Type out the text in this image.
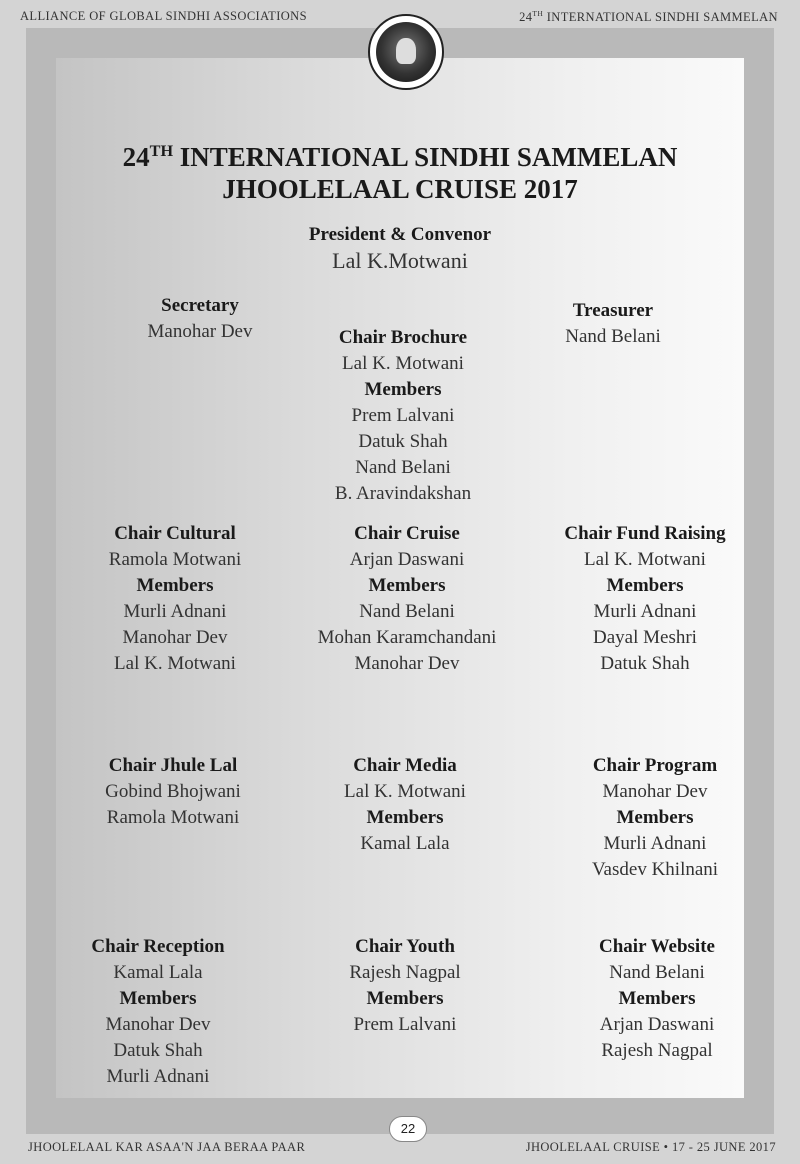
ALLIANCE OF GLOBAL SINDHI ASSOCIATIONS	24TH INTERNATIONAL SINDHI SAMMELAN
24TH INTERNATIONAL SINDHI SAMMELAN
JHOOLELAAL CRUISE 2017
President & Convenor
Lal K.Motwani
Secretary
Manohar Dev
Treasurer
Nand Belani
Chair Brochure
Lal K. Motwani
Members
Prem Lalvani
Datuk Shah
Nand Belani
B. Aravindakshan
Chair Cultural
Ramola Motwani
Members
Murli Adnani
Manohar Dev
Lal K. Motwani
Chair Cruise
Arjan Daswani
Members
Nand Belani
Mohan Karamchandani
Manohar Dev
Chair Fund Raising
Lal K. Motwani
Members
Murli Adnani
Dayal Meshri
Datuk Shah
Chair Jhule Lal
Gobind Bhojwani
Ramola Motwani
Chair Media
Lal K. Motwani
Members
Kamal Lala
Chair Program
Manohar Dev
Members
Murli Adnani
Vasdev Khilnani
Chair Reception
Kamal Lala
Members
Manohar Dev
Datuk Shah
Murli Adnani
Chair Youth
Rajesh Nagpal
Members
Prem Lalvani
Chair Website
Nand Belani
Members
Arjan Daswani
Rajesh Nagpal
22
JHOOLELAAL KAR ASAA'N JAA BERAA PAAR	JHOOLELAAL CRUISE • 17 - 25 JUNE 2017
